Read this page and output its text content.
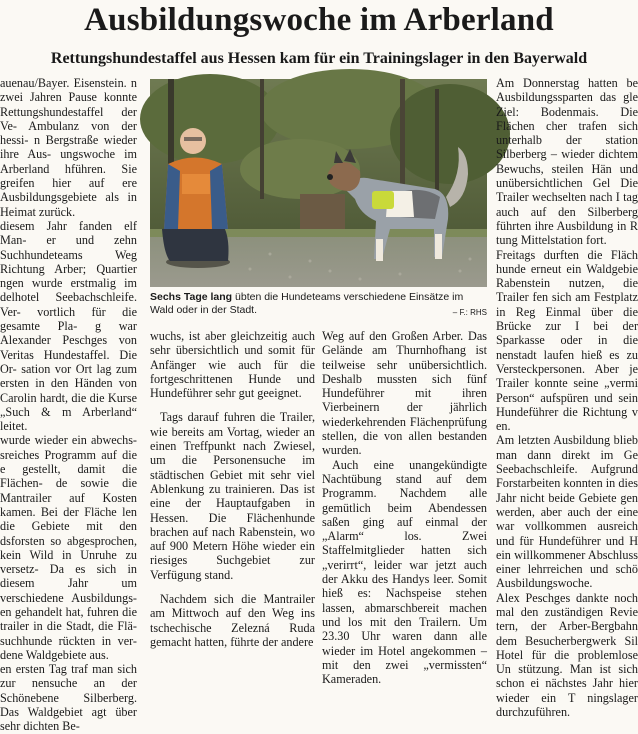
Ausbildungswoche im Arberland
Rettungshundestaffel aus Hessen kam für ein Trainingslager in den Bayerwald

auenau/Bayer. Eisenstein. n zwei Jahren Pause konnte Rettungshundestaffel der Ve- Ambulanz von der hessi- n Bergstraße wieder ihre Aus- ungswoche im Arberland hführen. Sie greifen hier auf ere Ausbildungsgebiete als in Heimat zurück.

diesem Jahr fanden elf Man- er und zehn Suchhundeteams Weg Richtung Arber; Quartier ngen wurde erstmalig im delhotel Seebachschleife. Ver- vortlich für die gesamte Pla- g war Alexander Peschges von Veritas Hundestaffel. Die Or- sation vor Ort lag zum ersten in den Händen von Carolin hardt, die die Kurse „Such & m Arberland“ leitet.

wurde wieder ein abwechs- sreiches Programm auf die e gestellt, damit die Flächen- de sowie die Mantrailer auf Kosten kamen. Bei der Fläche len die Gebiete mit den dsforsten so abgesprochen, kein Wild in Unruhe zu versetz- Da es sich in diesem Jahr um verschiedene Ausbildungs- en gehandelt hat, fuhren die trailer in die Stadt, die Flä- suchhunde rückten in ver- dene Waldgebiete aus.

en ersten Tag traf man sich zur nensuche an der Schönebene Silberberg. Das Waldgebiet agt über sehr dichten Be-

Sechs Tage lang übten die Hundeteams verschiedene Einsätze im Wald oder in der Stadt.	– F.: RHS

wuchs, ist aber gleichzeitig auch sehr übersichtlich und somit für Anfänger wie auch für die fortgeschrittenen Hunde und Hundeführer sehr gut geeignet.

Tags darauf fuhren die Trailer, wie bereits am Vortag, wieder an einen Treffpunkt nach Zwiesel, um die Personensuche im städtischen Gebiet mit sehr viel Ablenkung zu trainieren. Das ist eine der Hauptaufgaben in Hessen. Die Flächenhunde brachen auf nach Rabenstein, wo auf 900 Metern Höhe wieder ein riesiges Suchgebiet zur Verfügung stand.

Nachdem sich die Mantrailer am Mittwoch auf den Weg ins tschechische Zelezná Ruda gemacht hatten, führte der andere

Weg auf den Großen Arber. Das Gelände am Thurnhofhang ist teilweise sehr unübersichtlich. Deshalb mussten sich fünf Hundeführer mit ihren Vierbeinern der jährlich wiederkehrenden Flächenprüfung stellen, die von allen bestanden wurden.

Auch eine unangekündigte Nachtübung stand auf dem Programm. Nachdem alle gemütlich beim Abendessen saßen ging auf einmal der „Alarm“ los. Zwei Staffelmitglieder hatten sich „verirrt“, leider war jetzt auch der Akku des Handys leer. Somit hieß es: Nachspeise stehen lassen, abmarschbereit machen und los mit den Trailern. Um 23.30 Uhr waren dann alle wieder im Hotel angekommen – mit den zwei „vermissten“ Kameraden.

Am Donnerstag hatten be Ausbildungssparten das gle Ziel: Bodenmais. Die Flächen cher trafen sich unterhalb der station Silberberg – wieder dichtem Bewuchs, steilen Hän und unübersichtlichen Gel Die Trailer wechselten nach I tag auch auf den Silberberg führten ihre Ausbildung in R tung Mittelstation fort.

Freitags durften die Fläch hunde erneut ein Waldgebie Rabenstein nutzen, die Trailer fen sich am Festplatz in Reg Einmal über die Brücke zur I bei der Sparkasse oder in die nenstadt laufen hieß es zu Versteckpersonen. Aber je Trailer konnte seine „vermi Person“ aufspüren und sein Hundeführer die Richtung v en.

Am letzten Ausbildung blieb man dann direkt im Ge Seebachschleife. Aufgrund Forstarbeiten konnten in dies Jahr nicht beide Gebiete gen werden, aber auch der eine war vollkommen ausreich und für Hundeführer und H ein willkommener Abschluss einer lehrreichen und schö Ausbildungswoche.

Alex Peschges dankte noch mal den zuständigen Revie tern, der Arber-Bergbahn dem Besucherbergwerk Sil Hotel für die problemlose Un stützung. Man ist sich schon ei nächstes Jahr hier wieder ein T ningslager durchzuführen.
